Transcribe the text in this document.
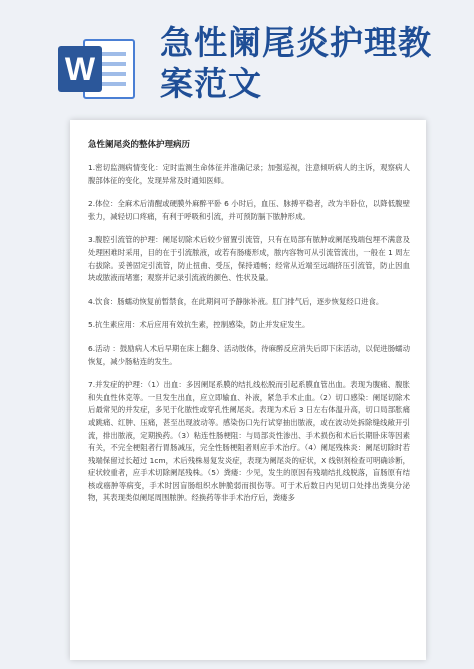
W
急性阑尾炎护理教
案范文
急性阑尾炎的整体护理病历
1.密切监测病情变化：定时监测生命体征并准确记录；加强巡视，注意倾听病人的主诉，观察病人腹部体征的变化，发现异常及时通知医师。
2.体位：全麻术后清醒或硬膜外麻醉平卧 6 小时后，血压、脉搏平稳者，改为半卧位，以降低腹壁张力，减轻切口疼痛，有利于呼吸和引流，并可预防膈下脓肿形成。
3.腹腔引流管的护理：阑尾切除术后较少留置引流管，只有在局部有脓肿或阑尾残端包埋不满意及处理困难时采用，目的在于引流脓液，或若有肠瘘形成，脓内容物可从引流管流出，一般在 1 周左右拔除。妥善固定引流管，防止扭曲、受压，保持通畅；经常从近端至远端挤压引流管，防止因血块或脓液而堵塞；观察并记录引流液的颜色、性状及量。
4.饮食：肠蠕动恢复前暂禁食，在此期间可予静脉补液。肛门排气后，逐步恢复经口进食。
5.抗生素应用：术后应用有效抗生素，控制感染，防止并发症发生。
6.活动 ：鼓励病人术后早期在床上翻身、活动肢体，待麻醉反应消失后即下床活动，以促进肠蠕动恢复，减少肠粘连的发生。
7.并发症的护理：（1）出血：多因阑尾系膜的结扎线松脱而引起系膜血管出血。表现为腹痛、腹胀和失血性休克等。一旦发生出血，应立即输血、补液，紧急手术止血。（2）切口感染：阑尾切除术后最常见的并发症，多见于化脓性或穿孔性阑尾炎。表现为术后 3 日左右体温升高，切口局部胀痛或跳痛、红肿、压痛，甚至出现波动等。感染伤口先行试穿抽出脓液，或在波动处拆除缝线敞开引流，排出脓液，定期换药。（3）粘连性肠梗阻：与局部炎性渗出、手术损伤和术后长期卧床等因素有关，不完全梗阻者行胃肠减压，完全性肠梗阻者则应手术治疗。（4）阑尾残株炎：阑尾切除时若残端保留过长超过 1cm，术后残株易复发炎症，表现为阑尾炎的症状，X 线钡剂检查可明确诊断，症状较重者，应手术切除阑尾残株。（5）粪瘘：少见，发生的原因有残端结扎线脱落，盲肠原有结核或癌肿等病变，手术时因盲肠组织水肿脆弱而损伤等。可于术后数日内见切口处排出粪臭分泌物，其表现类似阑尾周围脓肿。经换药等非手术治疗后，粪瘘多
